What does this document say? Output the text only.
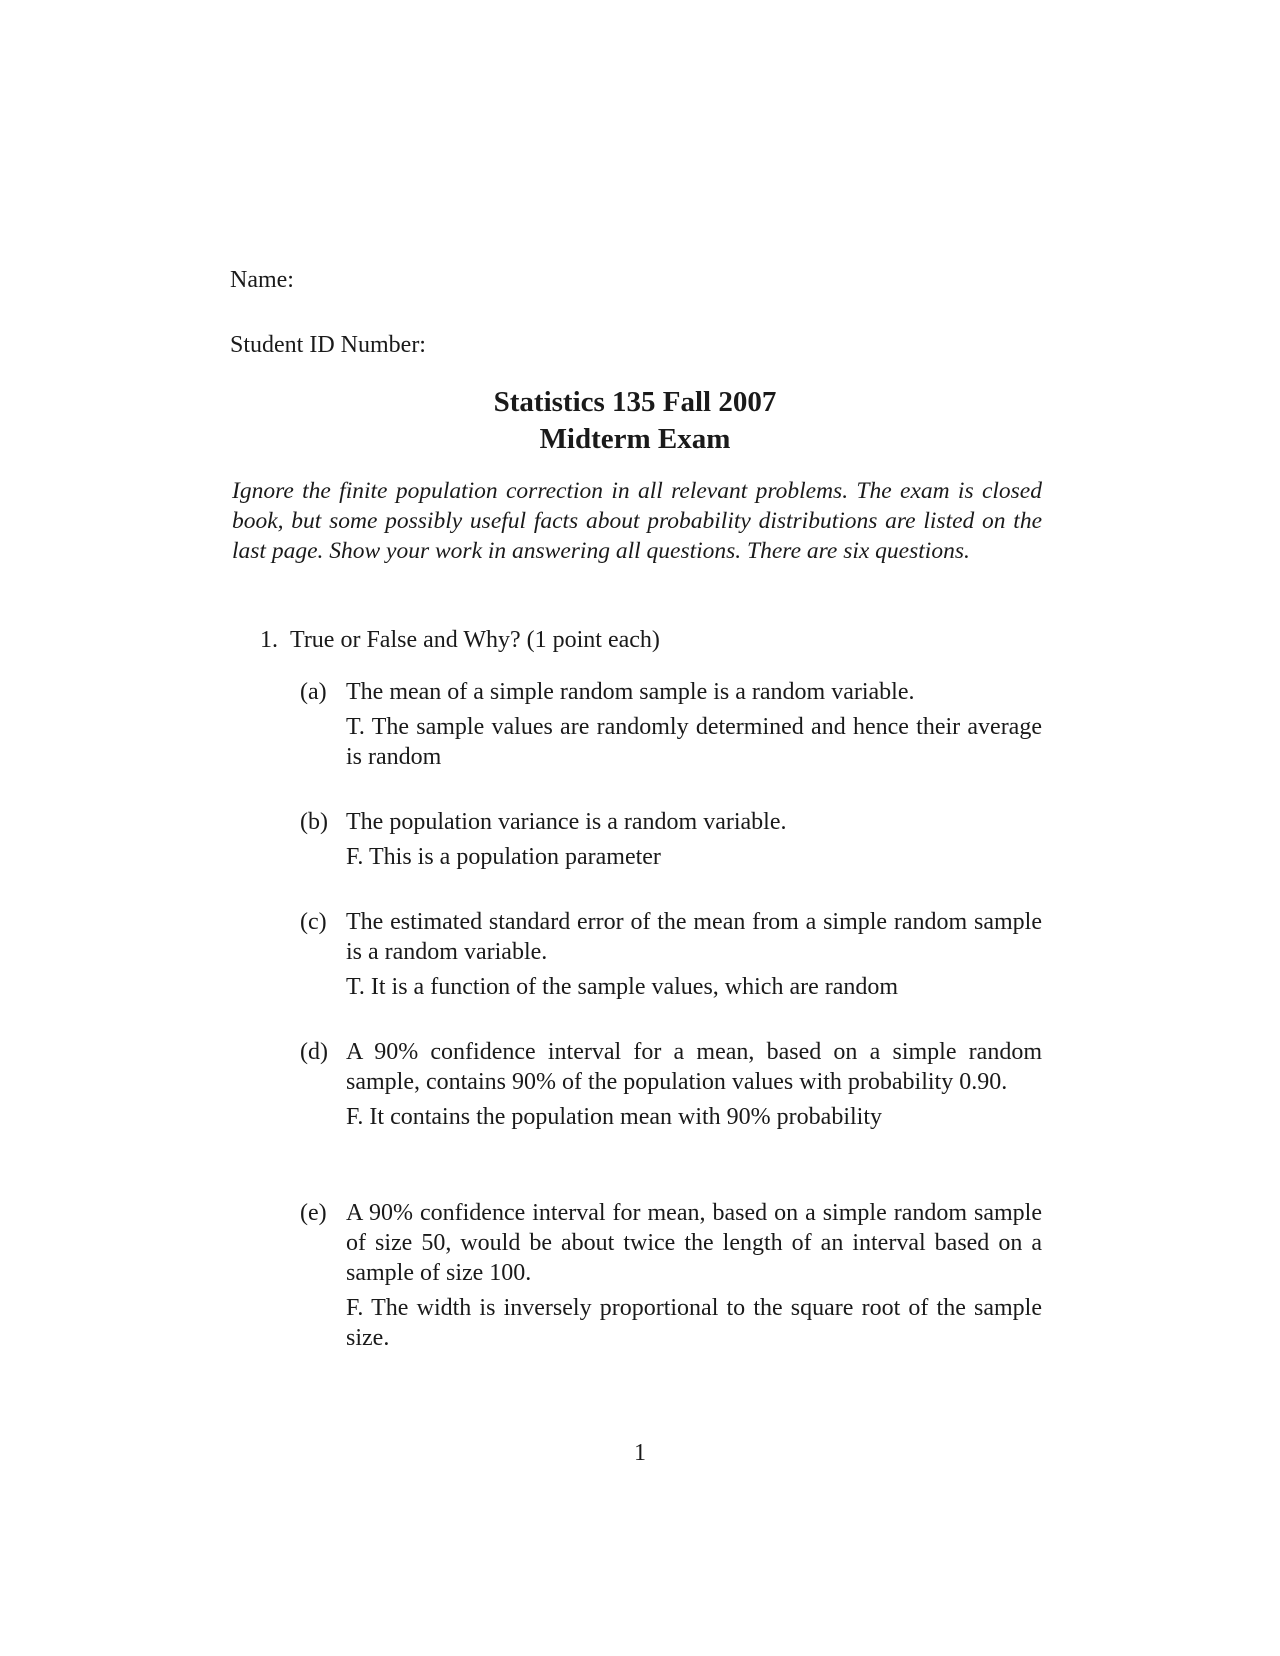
Name:

Student ID Number:

Statistics 135 Fall 2007

Midterm Exam

Ignore the finite population correction in all relevant problems. The exam is closed book, but some possibly useful facts about probability distributions are listed on the last page. Show your work in answering all questions. There are six questions.

1. True or False and Why? (1 point each)
(a) The mean of a simple random sample is a random variable.
T. The sample values are randomly determined and hence their average is random
(b) The population variance is a random variable.
F. This is a population parameter
(c) The estimated standard error of the mean from a simple random sample is a random variable.
T. It is a function of the sample values, which are random
(d) A 90% confidence interval for a mean, based on a simple random sample, contains 90% of the population values with probability 0.90.
F. It contains the population mean with 90% probability
(e) A 90% confidence interval for mean, based on a simple random sample of size 50, would be about twice the length of an interval based on a sample of size 100.
F. The width is inversely proportional to the square root of the sample size.

1
